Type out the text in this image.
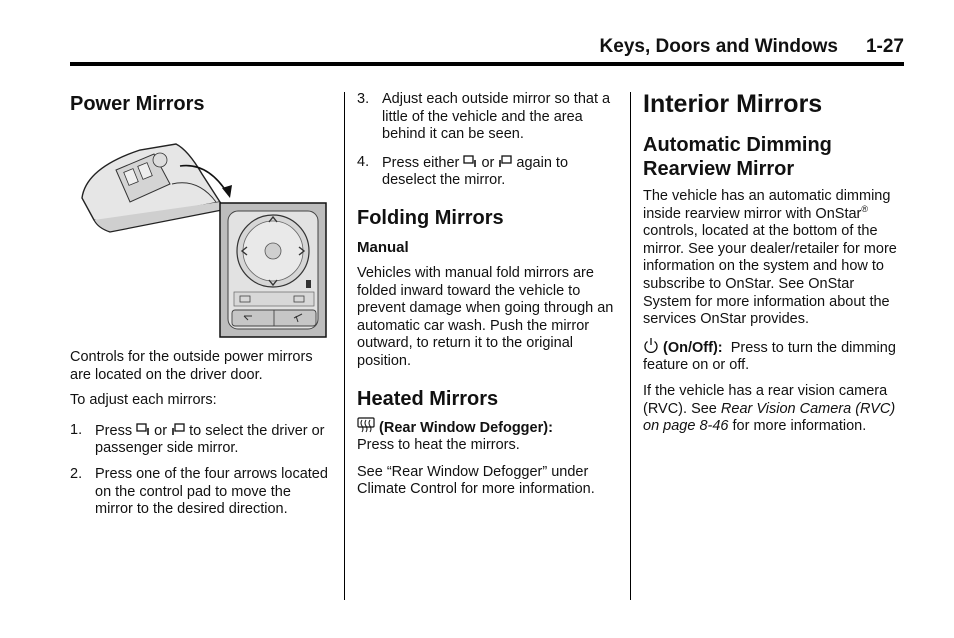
Keys, Doors and Windows 1-27
Power Mirrors

Controls for the outside power mirrors are located on the driver door.

To adjust each mirrors:

1. Press or to select the driver or passenger side mirror.
2. Press one of the four arrows located on the control pad to move the mirror to the desired direction.
3. Adjust each outside mirror so that a little of the vehicle and the area behind it can be seen.
4. Press either or again to deselect the mirror.
Folding Mirrors
Manual

Vehicles with manual fold mirrors are folded inward toward the vehicle to prevent damage when going through an automatic car wash. Push the mirror outward, to return it to the original position.

Heated Mirrors

(Rear Window Defogger):
Press to heat the mirrors.

See “Rear Window Defogger” under Climate Control for more information.

Interior Mirrors
Automatic Dimming Rearview Mirror

The vehicle has an automatic dimming inside rearview mirror with OnStar® controls, located at the bottom of the mirror. See your dealer/retailer for more information on the system and how to subscribe to OnStar. See OnStar System for more information about the services OnStar provides.

(On/Off): Press to turn the dimming feature on or off.

If the vehicle has a rear vision camera (RVC). See Rear Vision Camera (RVC) on page 8-46 for more information.
